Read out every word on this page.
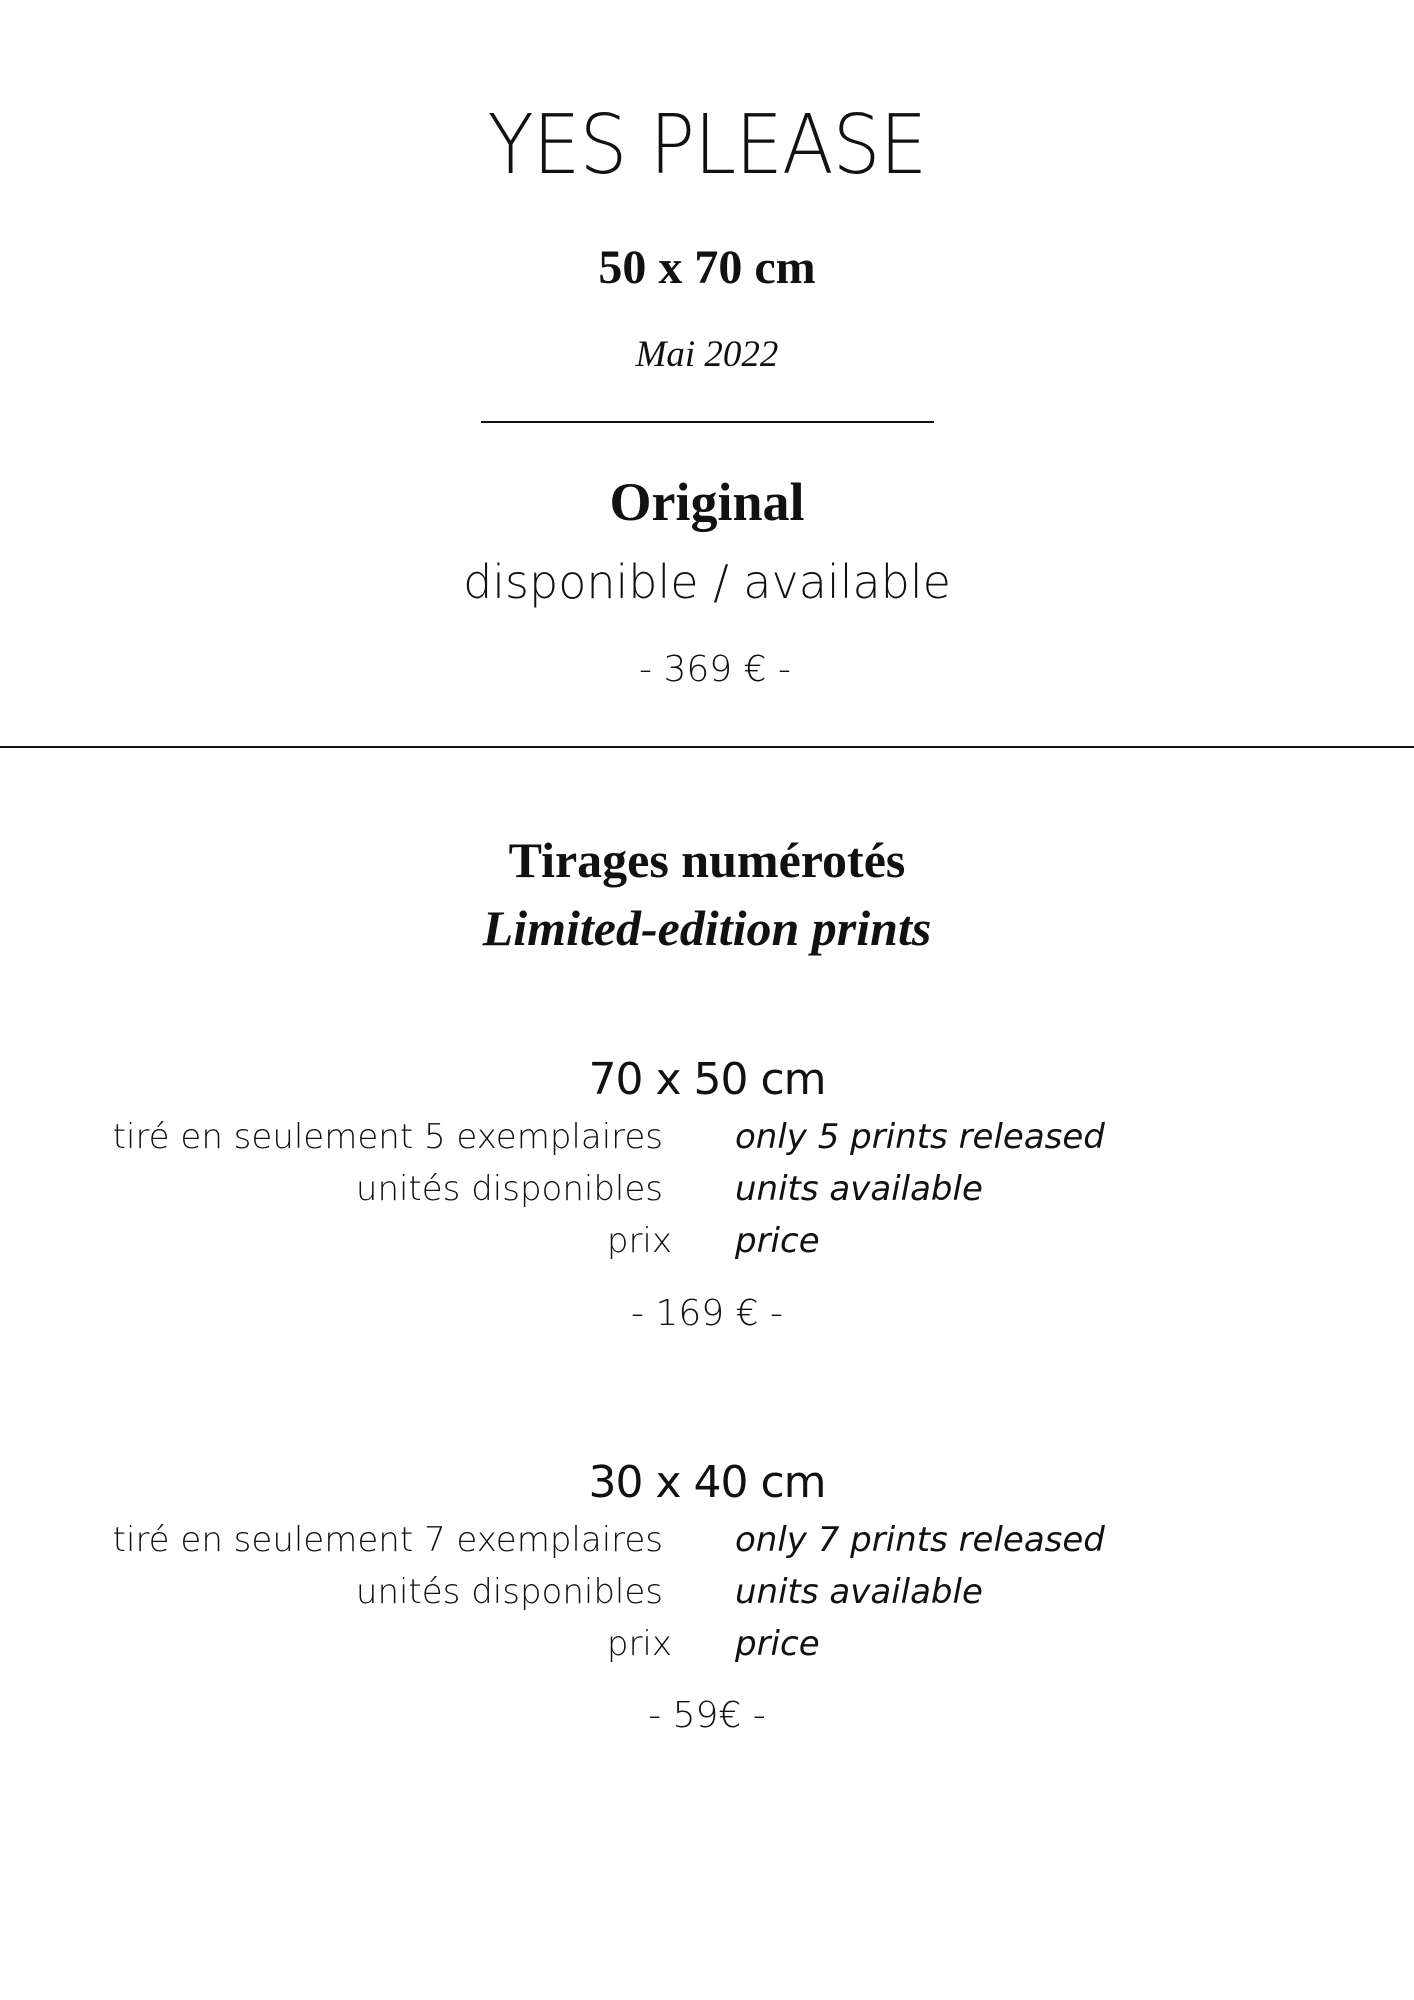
YES PLEASE
50 x 70 cm
Mai 2022
Original
disponible / available
- 369 € -
Tirages numérotés
Limited-edition prints
70 x 50 cm
tiré en seulement 5 exemplaires only 5 prints released
unités disponibles units available
prix price
- 169 € -
30 x 40 cm
tiré en seulement 7 exemplaires only 7 prints released
unités disponibles units available
prix price
- 59€ -
